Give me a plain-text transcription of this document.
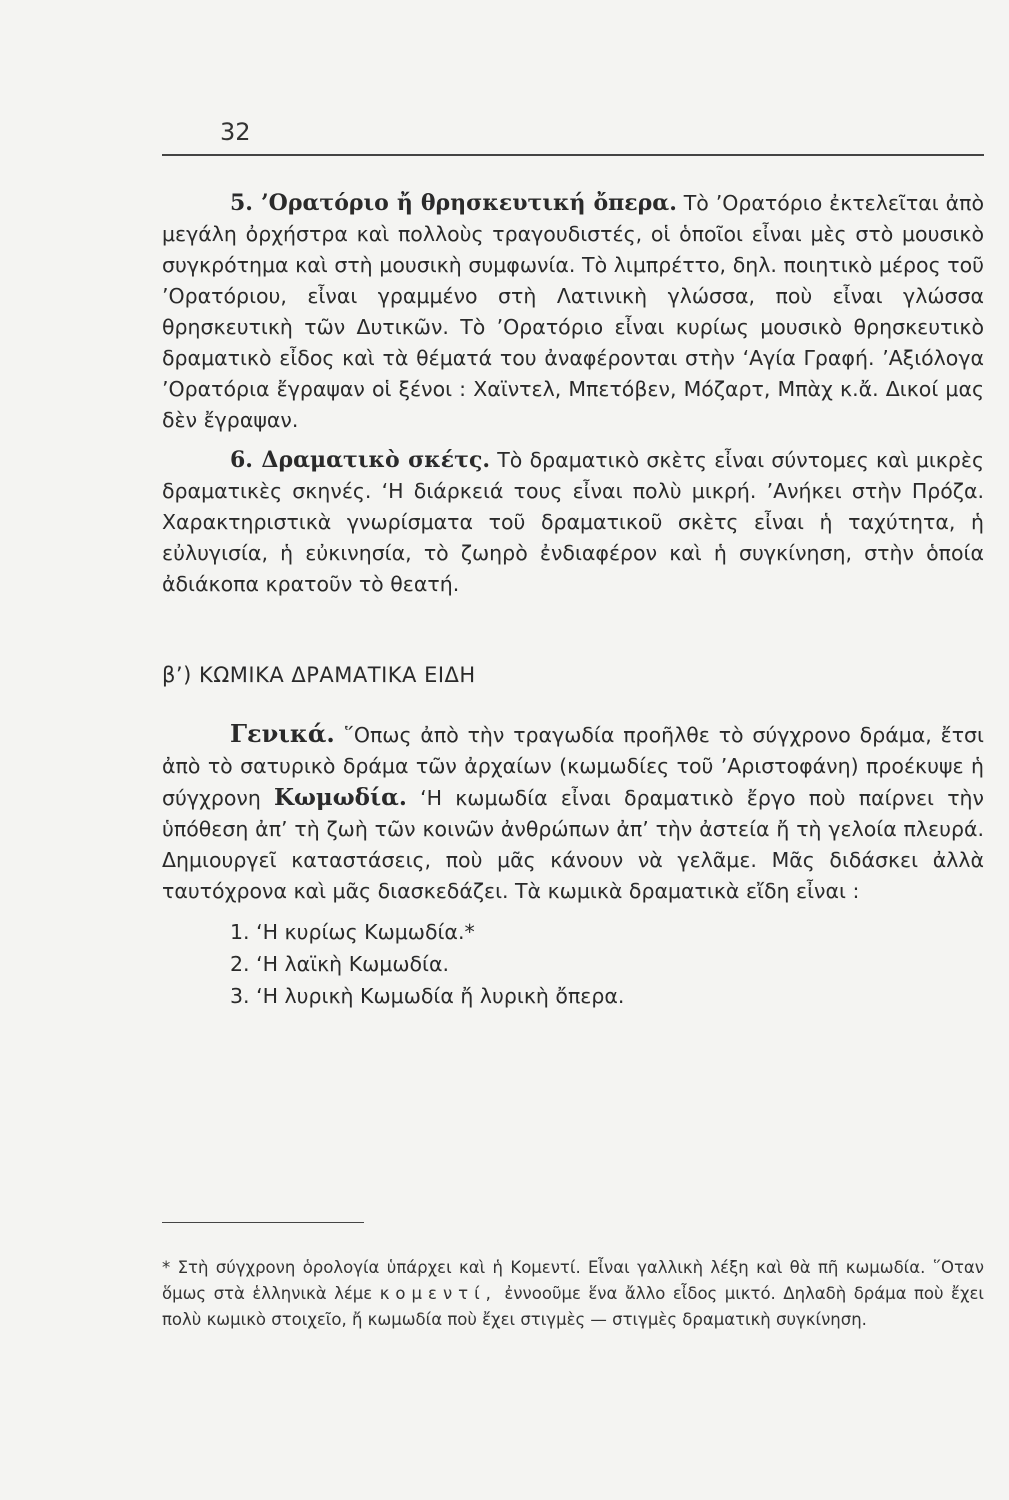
32

5. ’Ορατόριο ἤ θρησκευτική ὄπερα. Τὸ ’Ορατόριο ἐκτελεῖται ἀπὸ μεγάλη ὀρχήστρα καὶ πολλοὺς τραγουδιστές, οἱ ὁποῖοι εἶναι μὲς στὸ μουσικὸ συγκρότημα καὶ στὴ μουσικὴ συμφωνία. Τὸ λιμπρέττο, δηλ. ποιητικὸ μέρος τοῦ ’Ορατόριου, εἶναι γραμμένο στὴ Λατινικὴ γλώσσα, ποὺ εἶναι γλώσσα θρησκευτικὴ τῶν Δυτικῶν. Τὸ ’Ορατόριο εἶναι κυρίως μουσικὸ θρησκευτικὸ δραματικὸ εἶδος καὶ τὰ θέματά του ἀναφέρονται στὴν ‘Αγία Γραφή. ’Αξιόλογα ’Ορατόρια ἔγραψαν οἱ ξένοι : Χαϊντελ, Μπετόβεν, Μόζαρτ, Μπὰχ κ.ἄ. Δικοί μας δὲν ἔγραψαν.

6. Δραματικὸ σκέτς. Τὸ δραματικὸ σκὲτς εἶναι σύντομες καὶ μικρὲς δραματικὲς σκηνές. ‘Η διάρκειά τους εἶναι πολὺ μικρή. ’Ανήκει στὴν Πρόζα. Χαρακτηριστικὰ γνωρίσματα τοῦ δραματικοῦ σκὲτς εἶναι ἡ ταχύτητα, ἡ εὐλυγισία, ἡ εὐκινησία, τὸ ζωηρὸ ἐνδιαφέρον καὶ ἡ συγκίνηση, στὴν ὁποία ἀδιάκοπα κρατοῦν τὸ θεατή.

β’) ΚΩΜΙΚΑ ΔΡΑΜΑΤΙΚΑ ΕΙΔΗ

Γενικά. ῞Οπως ἀπὸ τὴν τραγωδία προῆλθε τὸ σύγχρονο δράμα, ἔτσι ἀπὸ τὸ σατυρικὸ δράμα τῶν ἀρχαίων (κωμωδίες τοῦ ’Αριστοφάνη) προέκυψε ἡ σύγχρονη Κωμωδία. ‘Η κωμωδία εἶναι δραματικὸ ἔργο ποὺ παίρνει τὴν ὑπόθεση ἀπ’ τὴ ζωὴ τῶν κοινῶν ἀνθρώπων ἀπ’ τὴν ἀστεία ἤ τὴ γελοία πλευρά. Δημιουργεῖ καταστάσεις, ποὺ μᾶς κάνουν νὰ γελᾶμε. Μᾶς διδάσκει ἀλλὰ ταυτόχρονα καὶ μᾶς διασκεδάζει. Τὰ κωμικὰ δραματικὰ εἴδη εἶναι :

1. ‘Η κυρίως Κωμωδία.*
2. ‘Η λαϊκὴ Κωμωδία.
3. ‘Η λυρικὴ Κωμωδία ἤ λυρικὴ ὄπερα.
* Στὴ σύγχρονη ὁρολογία ὑπάρχει καὶ ἡ Κομεντί. Εἶναι γαλλικὴ λέξη καὶ θὰ πῆ κωμωδία. ῞Οταν ὅμως στὰ ἑλληνικὰ λέμε κομεντί, ἐννοοῦμε ἕνα ἄλλο εἶδος μικτό. Δηλαδὴ δράμα ποὺ ἔχει πολὺ κωμικὸ στοιχεῖο, ἤ κωμωδία ποὺ ἔχει στιγμὲς — στιγμὲς δραματικὴ συγκίνηση.
